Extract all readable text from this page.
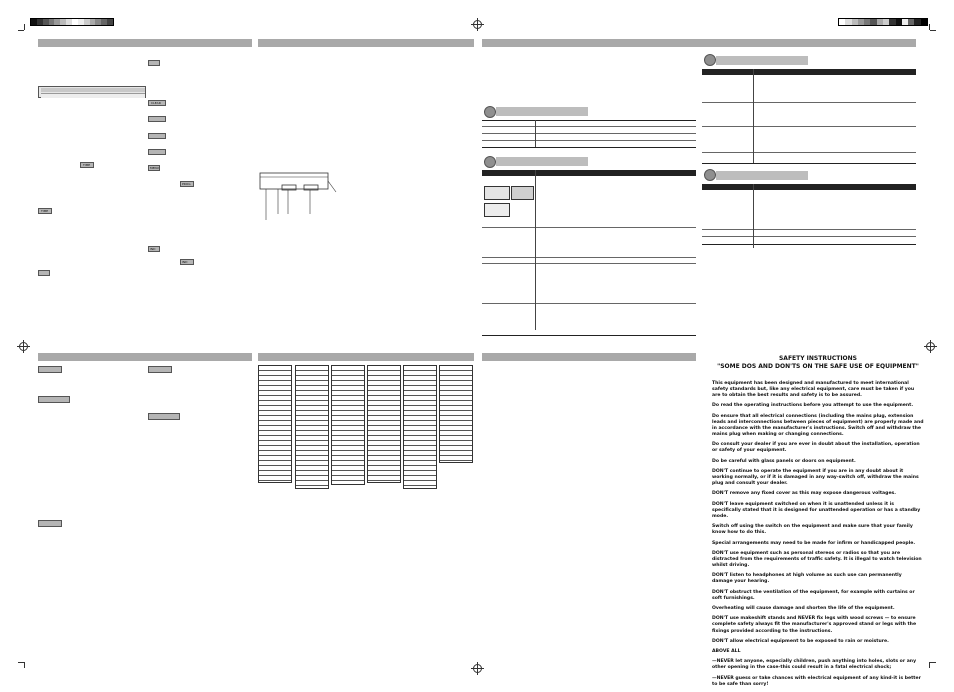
TIME
TIME
CLEAR
MENU
PROG
IND
IND
SAFETY INSTRUCTIONS
"SOME DOS AND DON'TS ON THE SAFE USE OF EQUIPMENT"

This equipment has been designed and manufactured to meet international safety standards but, like any electrical equipment, care must be taken if you are to obtain the best results and safety is to be assured.

Do read the operating instructions before you attempt to use the equipment.

Do ensure that all electrical connections (including the mains plug, extension leads and interconnections between pieces of equipment) are properly made and in accordance with the manufacturer's instructions. Switch off and withdraw the mains plug when making or changing connections.

Do consult your dealer if you are ever in doubt about the installation, operation or safety of your equipment.

Do be careful with glass panels or doors on equipment.

DON'T continue to operate the equipment if you are in any doubt about it working normally, or if it is damaged in any way-switch off, withdraw the mains plug and consult your dealer.

DON'T remove any fixed cover as this may expose dangerous voltages.

DON'T leave equipment switched on when it is unattended unless it is specifically stated that it is designed for unattended operation or has a standby mode.

Switch off using the switch on the equipment and make sure that your family know how to do this.

Special arrangements may need to be made for infirm or handicapped people.

DON'T use equipment such as personal stereos or radios so that you are distracted from the requirements of traffic safety. It is illegal to watch television whilst driving.

DON'T listen to headphones at high volume as such use can permanently damage your hearing.

DON'T obstruct the ventilation of the equipment, for example with curtains or soft furnishings.

Overheating will cause damage and shorten the life of the equipment.

DON'T use makeshift stands and NEVER fix legs with wood screws — to ensure complete safety always fit the manufacturer's approved stand or legs with the fixings provided according to the instructions.

DON'T allow electrical equipment to be exposed to rain or moisture.

ABOVE ALL

—NEVER let anyone, especially children, push anything into holes, slots or any other opening in the case-this could result in a fatal electrical shock;

—NEVER guess or take chances with electrical equipment of any kind-it is better to be safe than sorry!
